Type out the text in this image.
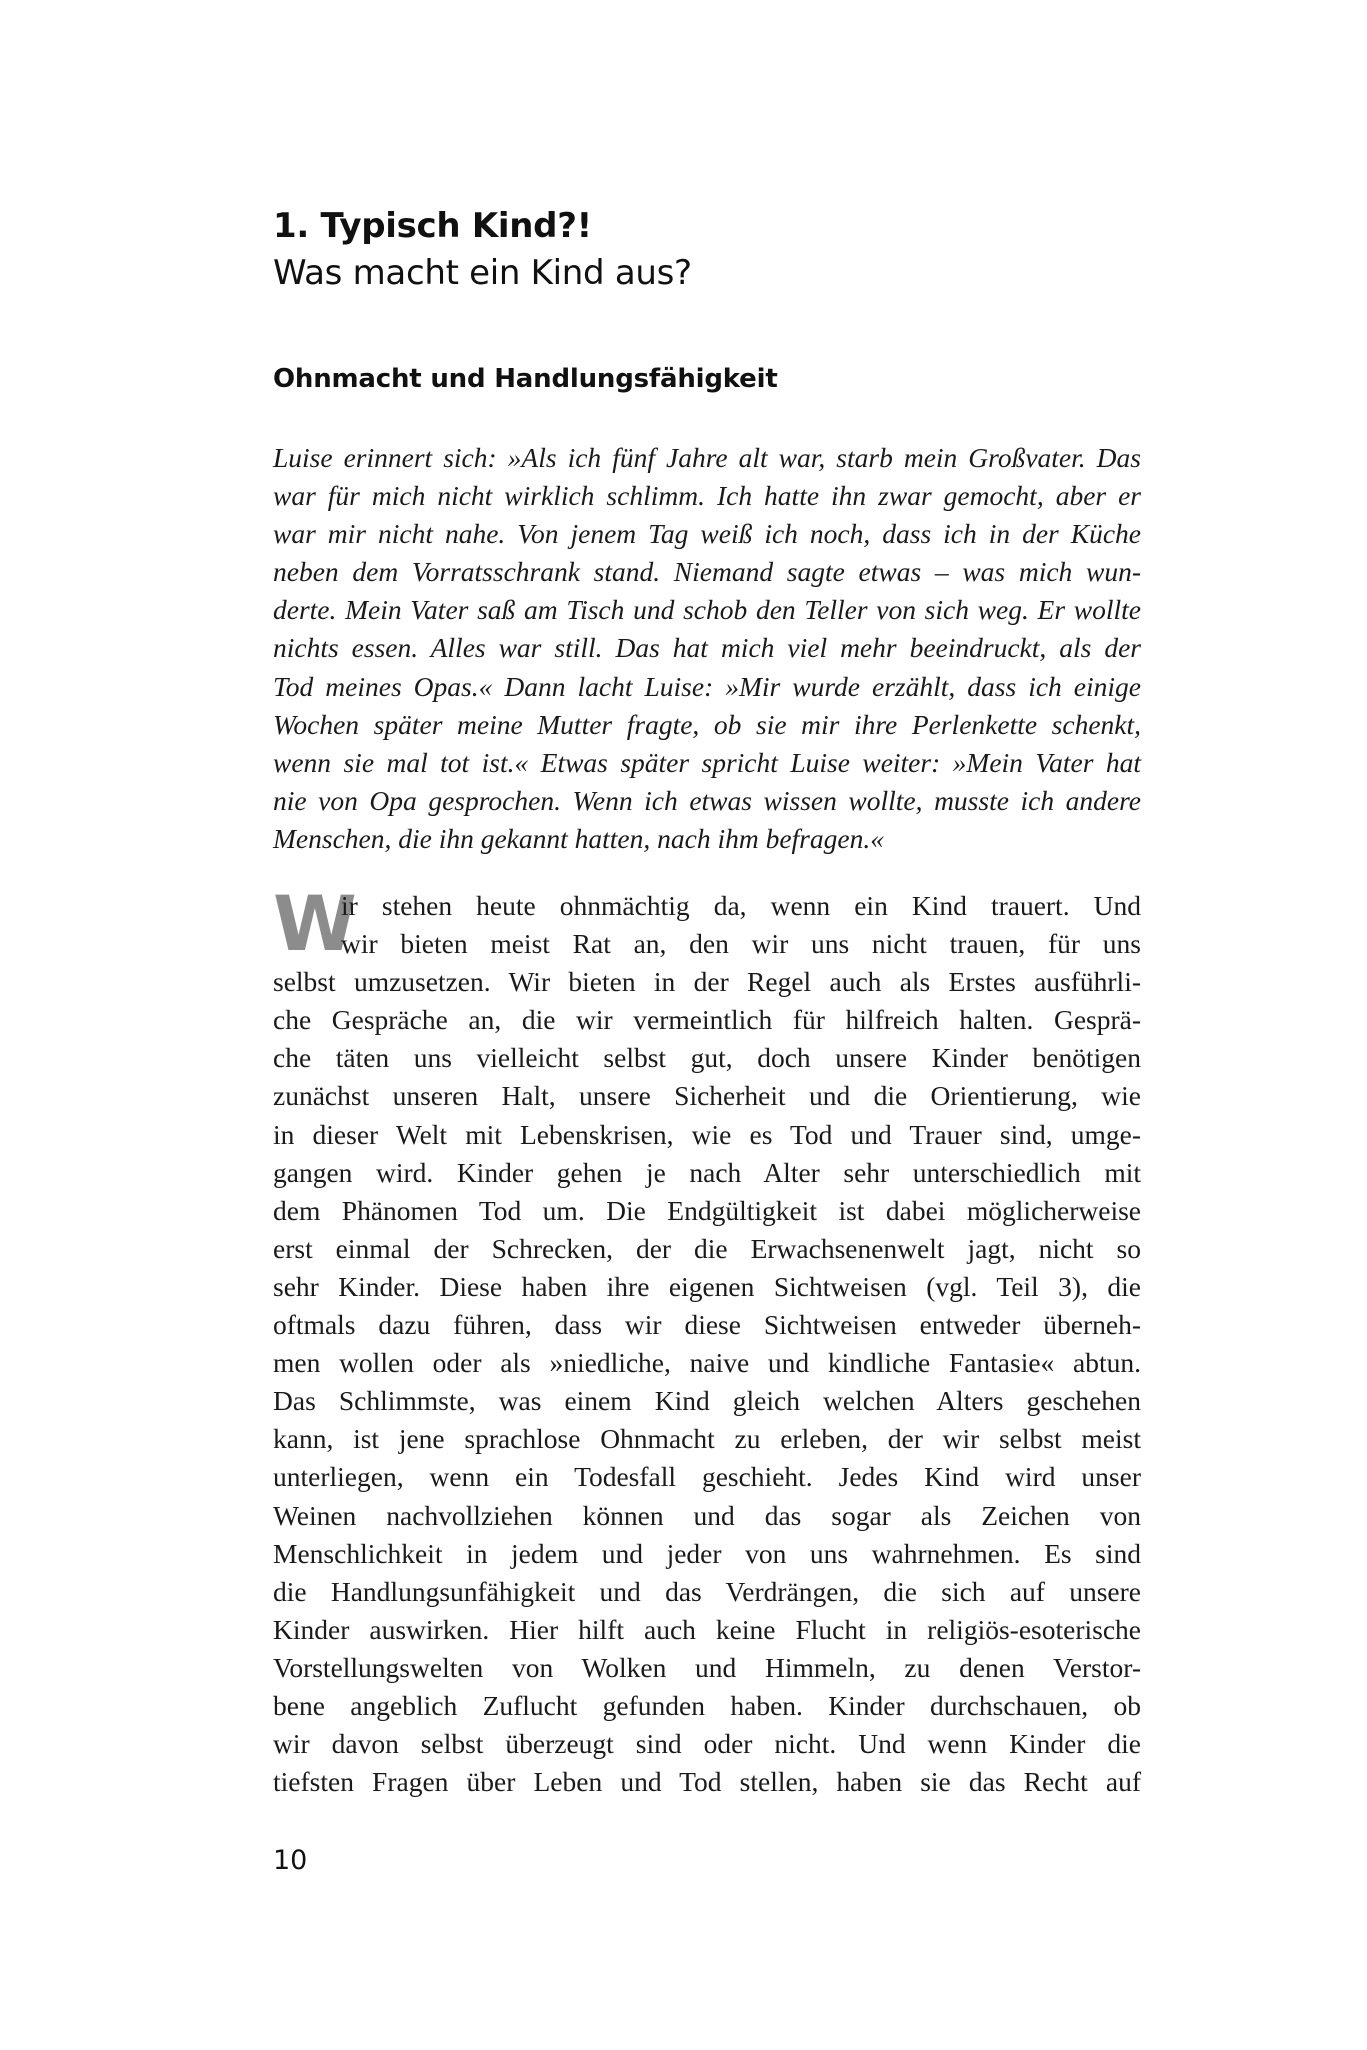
1. Typisch Kind?!
Was macht ein Kind aus?
Ohnmacht und Handlungsfähigkeit
Luise erinnert sich: »Als ich fünf Jahre alt war, starb mein Großvater. Das
war für mich nicht wirklich schlimm. Ich hatte ihn zwar gemocht, aber er
war mir nicht nahe. Von jenem Tag weiß ich noch, dass ich in der Küche
neben dem Vorratsschrank stand. Niemand sagte etwas – was mich wun-
derte. Mein Vater saß am Tisch und schob den Teller von sich weg. Er wollte
nichts essen. Alles war still. Das hat mich viel mehr beeindruckt, als der
Tod meines Opas.« Dann lacht Luise: »Mir wurde erzählt, dass ich einige
Wochen später meine Mutter fragte, ob sie mir ihre Perlenkette schenkt,
wenn sie mal tot ist.« Etwas später spricht Luise weiter: »Mein Vater hat
nie von Opa gesprochen. Wenn ich etwas wissen wollte, musste ich andere
Menschen, die ihn gekannt hatten, nach ihm befragen.«
W
ir stehen heute ohnmächtig da, wenn ein Kind trauert. Und
wir bieten meist Rat an, den wir uns nicht trauen, für uns
selbst umzusetzen. Wir bieten in der Regel auch als Erstes ausführli-
che Gespräche an, die wir vermeintlich für hilfreich halten. Gesprä-
che täten uns vielleicht selbst gut, doch unsere Kinder benötigen
zunächst unseren Halt, unsere Sicherheit und die Orientierung, wie
in dieser Welt mit Lebenskrisen, wie es Tod und Trauer sind, umge-
gangen wird. Kinder gehen je nach Alter sehr unterschiedlich mit
dem Phänomen Tod um. Die Endgültigkeit ist dabei möglicherweise
erst einmal der Schrecken, der die Erwachsenenwelt jagt, nicht so
sehr Kinder. Diese haben ihre eigenen Sichtweisen (vgl. Teil 3), die
oftmals dazu führen, dass wir diese Sichtweisen entweder überneh-
men wollen oder als »niedliche, naive und kindliche Fantasie« abtun.
Das Schlimmste, was einem Kind gleich welchen Alters geschehen
kann, ist jene sprachlose Ohnmacht zu erleben, der wir selbst meist
unterliegen, wenn ein Todesfall geschieht. Jedes Kind wird unser
Weinen nachvollziehen können und das sogar als Zeichen von
Menschlichkeit in jedem und jeder von uns wahrnehmen. Es sind
die Handlungsunfähigkeit und das Verdrängen, die sich auf unsere
Kinder auswirken. Hier hilft auch keine Flucht in religiös-esoterische
Vorstellungswelten von Wolken und Himmeln, zu denen Verstor-
bene angeblich Zuflucht gefunden haben. Kinder durchschauen, ob
wir davon selbst überzeugt sind oder nicht. Und wenn Kinder die
tiefsten Fragen über Leben und Tod stellen, haben sie das Recht auf
10
